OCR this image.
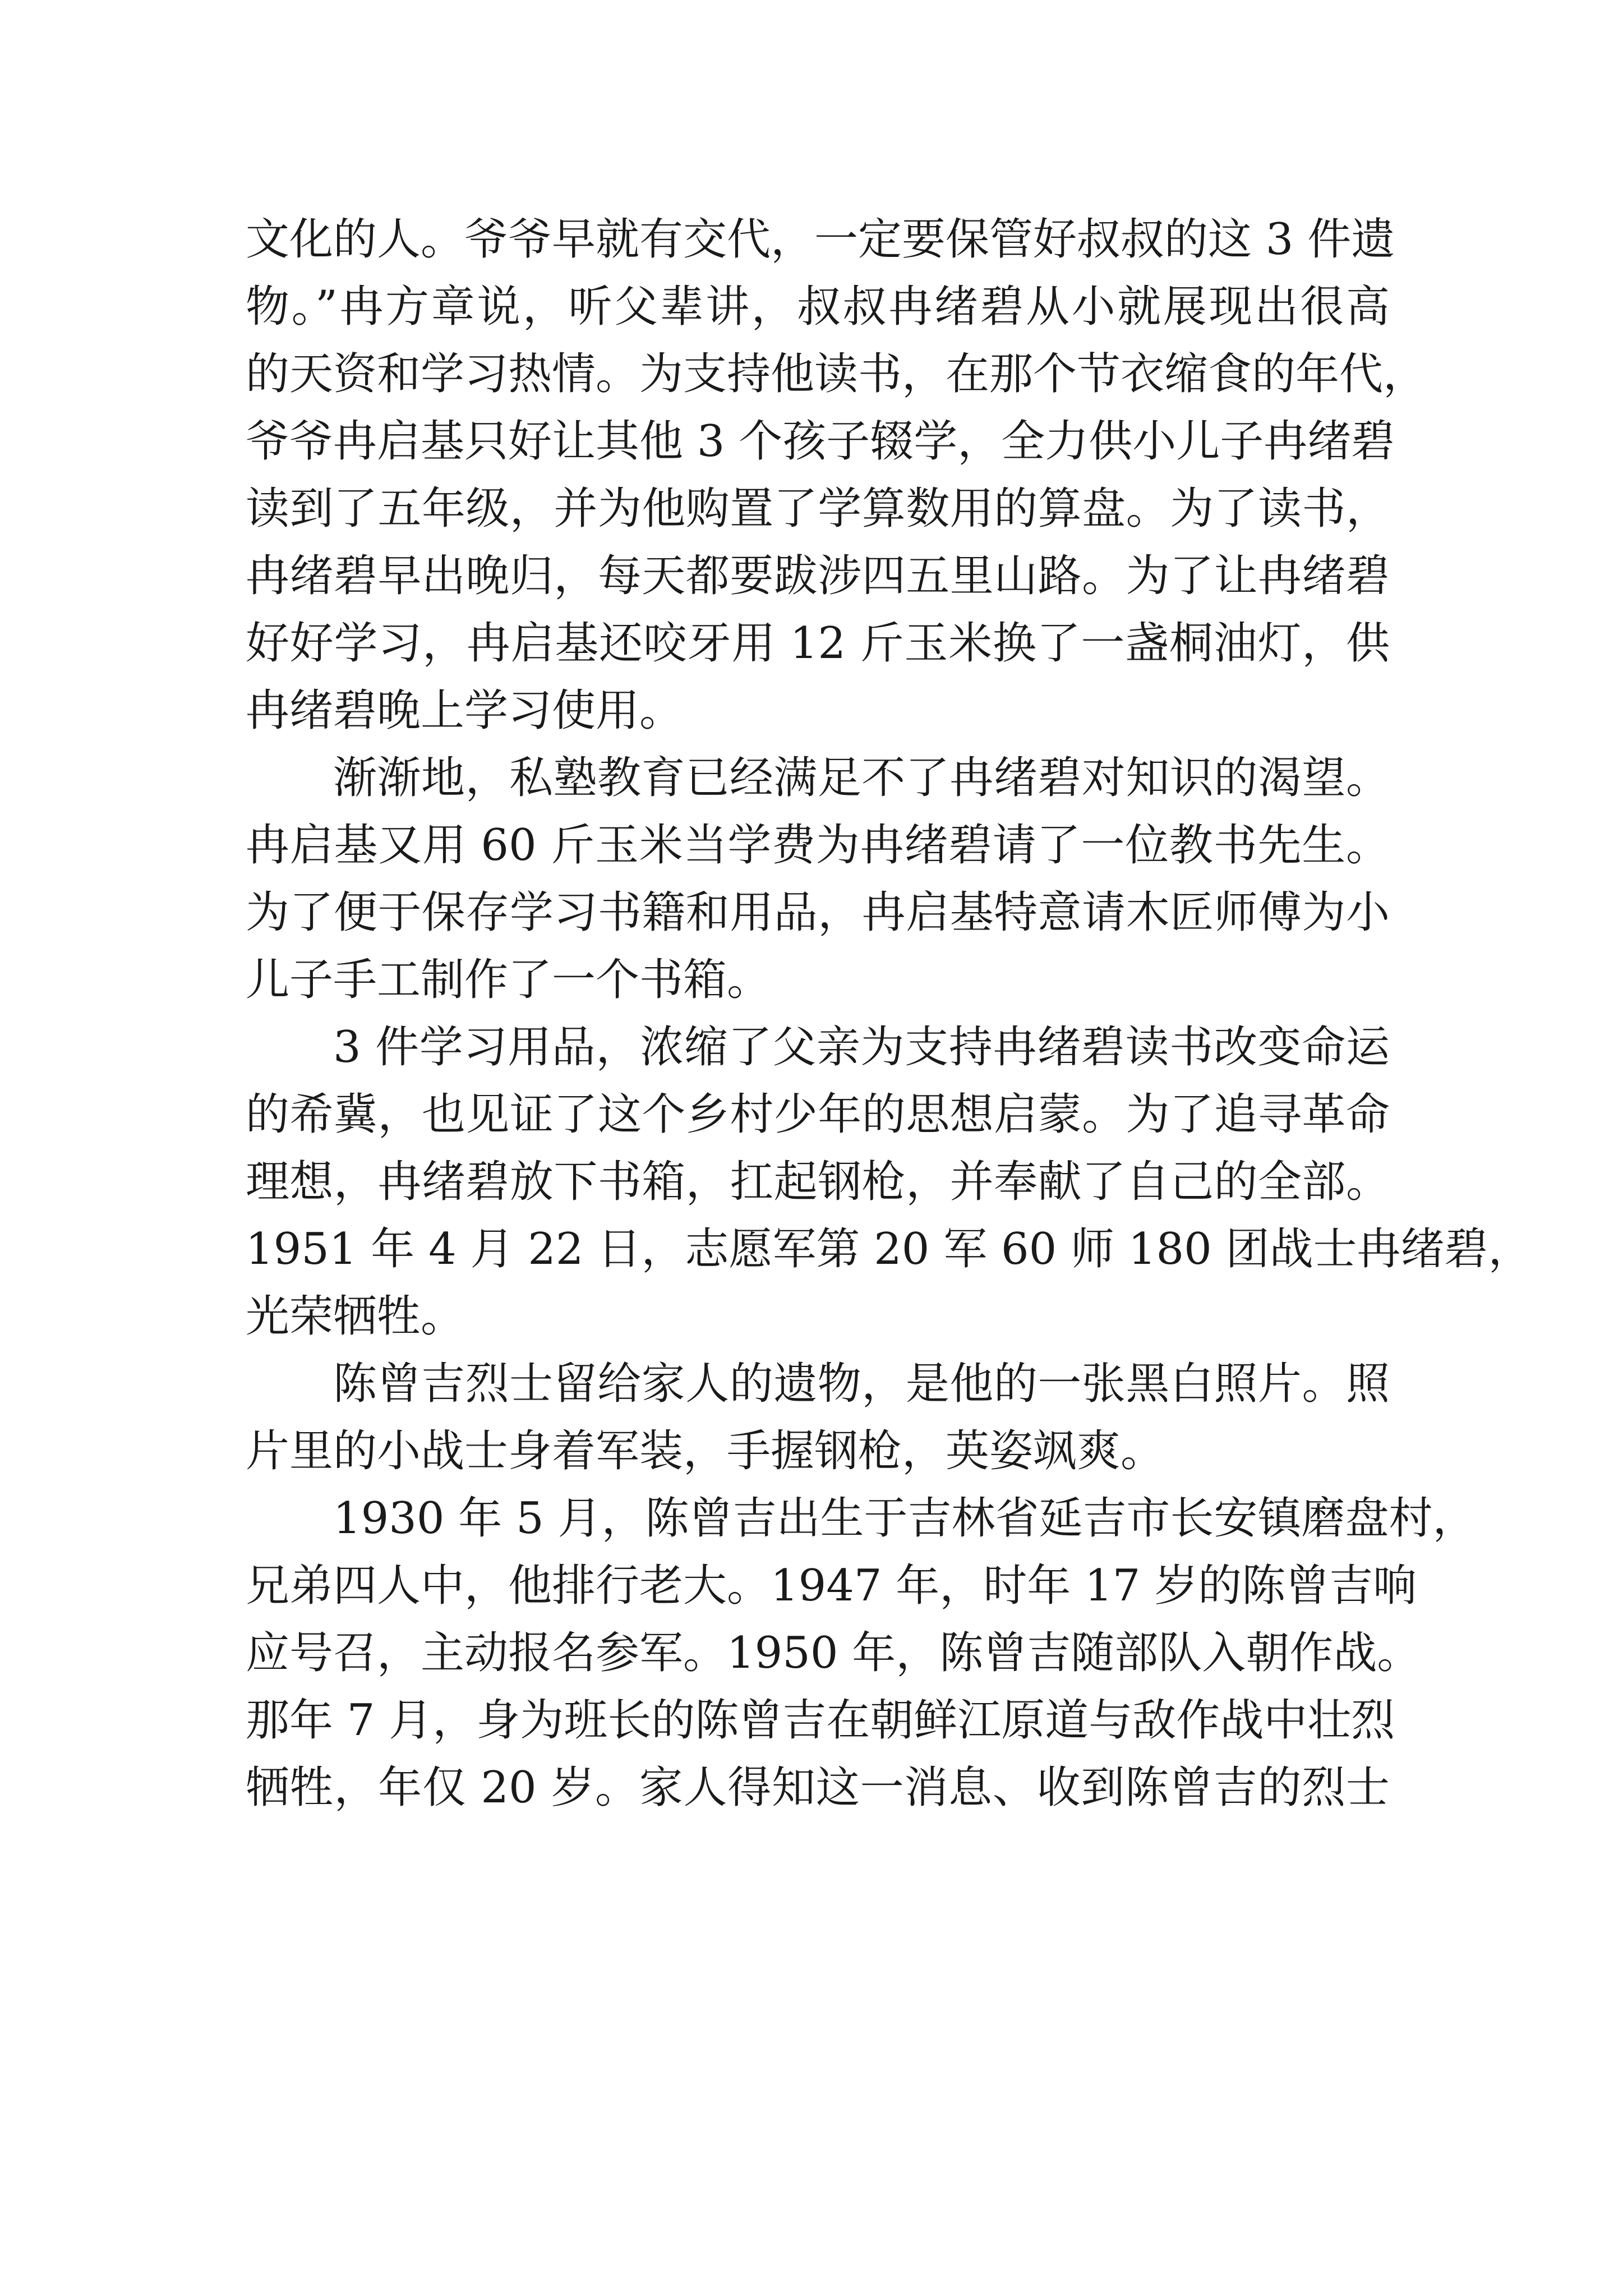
文化的人。爷爷早就有交代，一定要保管好叔叔的这 3 件遗
物。”冉方章说，听父辈讲，叔叔冉绪碧从小就展现出很高
的天资和学习热情。为支持他读书，在那个节衣缩食的年代，
爷爷冉启基只好让其他 3 个孩子辍学，全力供小儿子冉绪碧
读到了五年级，并为他购置了学算数用的算盘。为了读书，
冉绪碧早出晚归，每天都要跋涉四五里山路。为了让冉绪碧
好好学习，冉启基还咬牙用 12 斤玉米换了一盏桐油灯，供
冉绪碧晚上学习使用。
渐渐地，私塾教育已经满足不了冉绪碧对知识的渴望。
冉启基又用 60 斤玉米当学费为冉绪碧请了一位教书先生。
为了便于保存学习书籍和用品，冉启基特意请木匠师傅为小
儿子手工制作了一个书箱。
3 件学习用品，浓缩了父亲为支持冉绪碧读书改变命运
的希冀，也见证了这个乡村少年的思想启蒙。为了追寻革命
理想，冉绪碧放下书箱，扛起钢枪，并奉献了自己的全部。
1951 年 4 月 22 日，志愿军第 20 军 60 师 180 团战士冉绪碧，
光荣牺牲。
陈曾吉烈士留给家人的遗物，是他的一张黑白照片。照
片里的小战士身着军装，手握钢枪，英姿飒爽。
1930 年 5 月，陈曾吉出生于吉林省延吉市长安镇磨盘村，
兄弟四人中，他排行老大。1947 年，时年 17 岁的陈曾吉响
应号召，主动报名参军。1950 年，陈曾吉随部队入朝作战。
那年 7 月，身为班长的陈曾吉在朝鲜江原道与敌作战中壮烈
牺牲，年仅 20 岁。家人得知这一消息、收到陈曾吉的烈士
